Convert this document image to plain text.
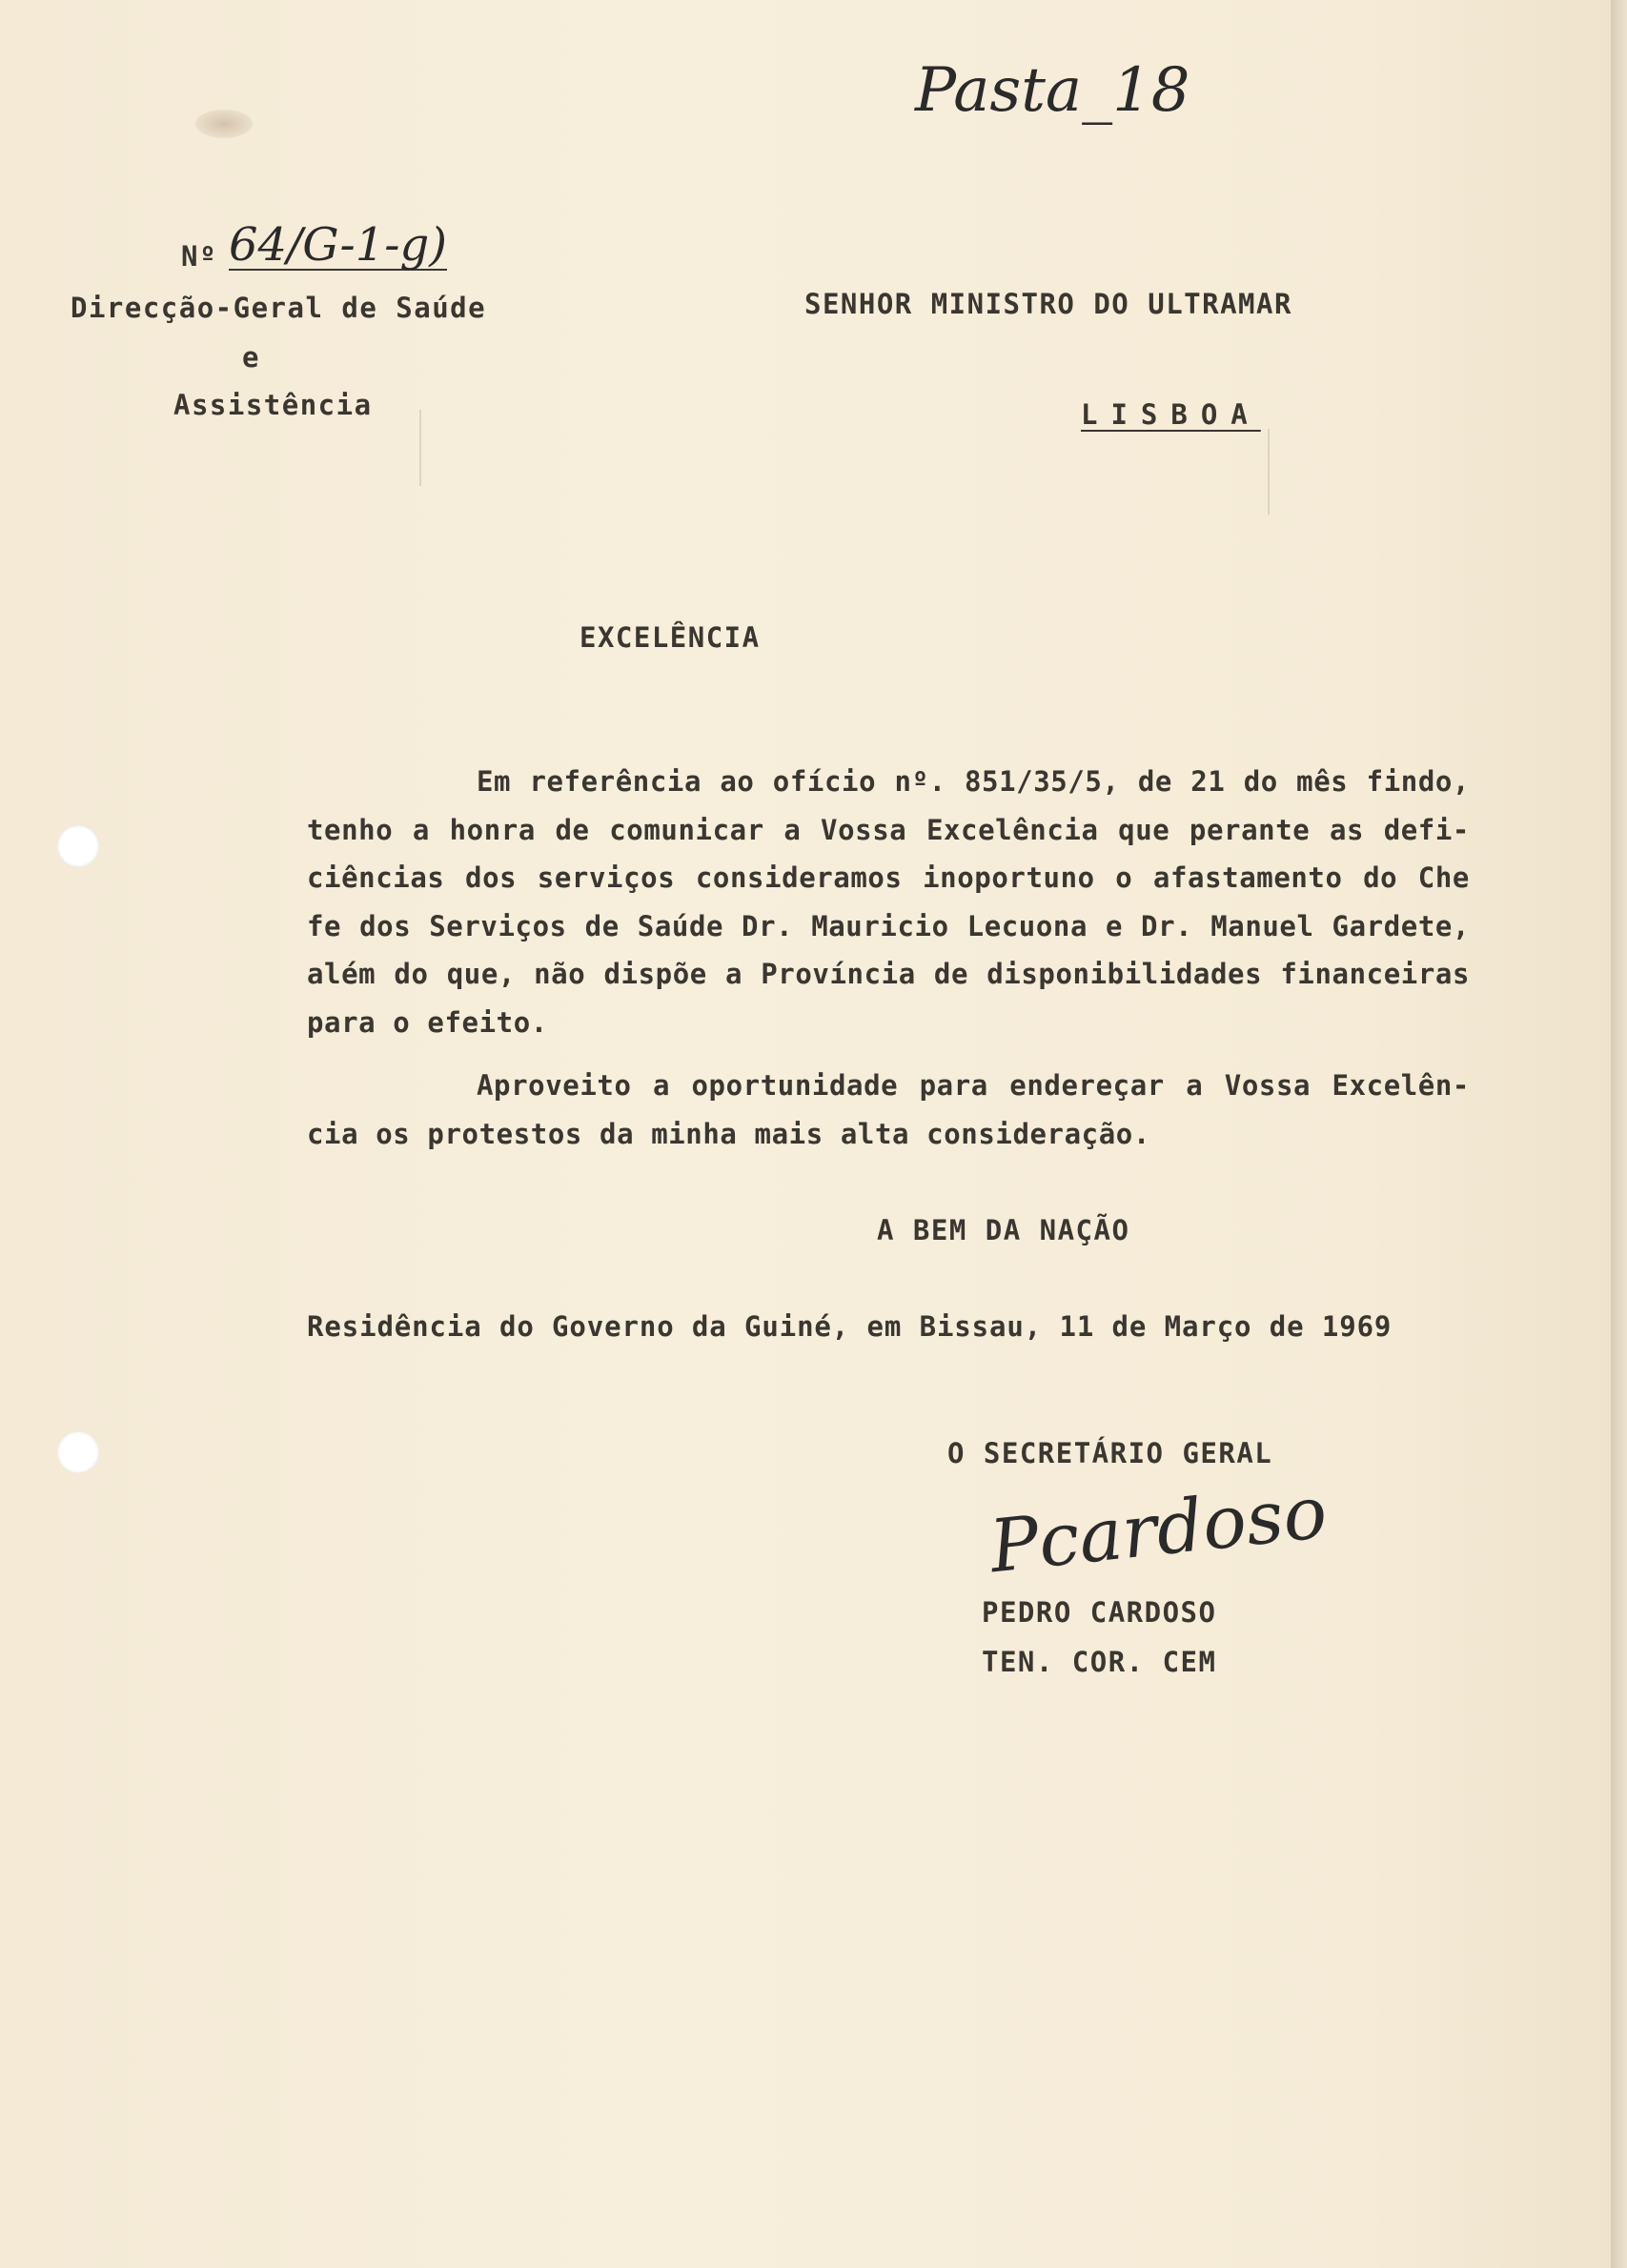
Pasta_18
Nº 64/G-1-g)
Direcção-Geral de Saúde
e
Assistência
SENHOR MINISTRO DO ULTRAMAR
LISBOA
EXCELÊNCIA
Em referência ao ofício nº. 851/35/5, de 21 do mês findo,
tenho a honra de comunicar a Vossa Excelência que perante as defi-
ciências dos serviços consideramos inoportuno o afastamento do Che
fe dos Serviços de Saúde Dr. Mauricio Lecuona e Dr. Manuel Gardete,
além do que, não dispõe a Província de disponibilidades financeiras
para o efeito.
Aproveito a oportunidade para endereçar a Vossa Excelên-
cia os protestos da minha mais alta consideração.
A BEM DA NAÇÃO
Residência do Governo da Guiné, em Bissau, 11 de Março de 1969
O SECRETÁRIO GERAL
Pcardoso
PEDRO CARDOSO
TEN. COR. CEM
